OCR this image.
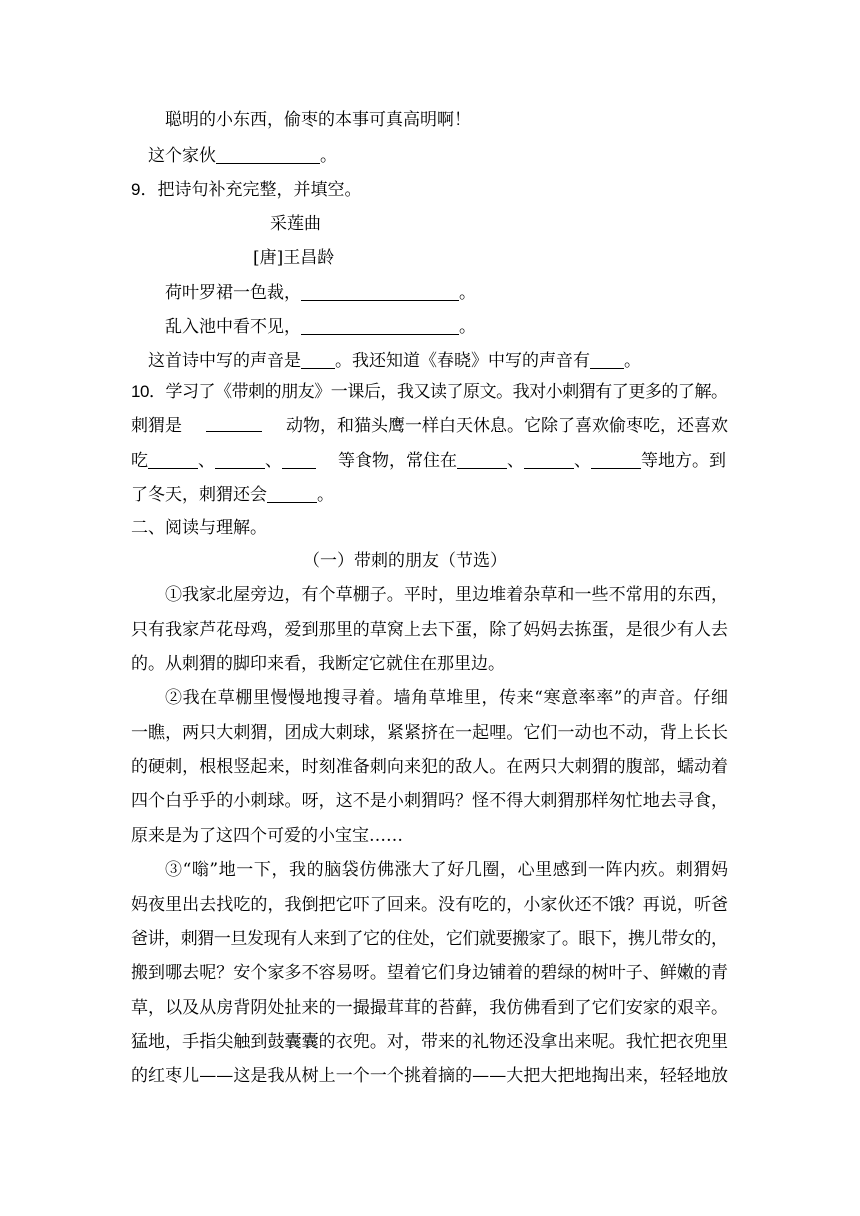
聪明的小东西，偷枣的本事可真高明啊！
这个家伙	。
9．把诗句补充完整，并填空。
采莲曲
[唐]王昌龄
荷叶罗裙一色裁，	。
乱入池中看不见，	。
这首诗中写的声音是 。我还知道《春晓》中写的声音有 。
10．学习了《带刺的朋友》一课后，我又读了原文。我对小刺猬有了更多的了解。
刺猬是	动物，和猫头鹰一样白天休息。它除了喜欢偷枣吃，还喜欢
吃	、	、	等食物，常住在	、	、	等地方。到
了冬天，刺猬还会	。
二、阅读与理解。
（一）带刺的朋友（节选）
①我家北屋旁边，有个草棚子。平时，里边堆着杂草和一些不常用的东西，
只有我家芦花母鸡，爱到那里的草窝上去下蛋，除了妈妈去拣蛋，是很少有人去
的。从刺猬的脚印来看，我断定它就住在那里边。
②我在草棚里慢慢地搜寻着。墙角草堆里，传来“寒意率率”的声音。仔细
一瞧，两只大刺猬，团成大刺球，紧紧挤在一起哩。它们一动也不动，背上长长
的硬刺，根根竖起来，时刻准备刺向来犯的敌人。在两只大刺猬的腹部，蠕动着
四个白乎乎的小刺球。呀，这不是小刺猬吗？怪不得大刺猬那样匆忙地去寻食，
原来是为了这四个可爱的小宝宝……
③“嗡”地一下，我的脑袋仿佛涨大了好几圈，心里感到一阵内疚。刺猬妈
妈夜里出去找吃的，我倒把它吓了回来。没有吃的，小家伙还不饿？再说，听爸
爸讲，刺猬一旦发现有人来到了它的住处，它们就要搬家了。眼下，携儿带女的，
搬到哪去呢？安个家多不容易呀。望着它们身边铺着的碧绿的树叶子、鲜嫩的青
草，以及从房背阴处扯来的一撮撮茸茸的苔藓，我仿佛看到了它们安家的艰辛。
猛地，手指尖触到鼓囊囊的衣兜。对，带来的礼物还没拿出来呢。我忙把衣兜里
的红枣儿——这是我从树上一个一个挑着摘的——大把大把地掏出来，轻轻地放
